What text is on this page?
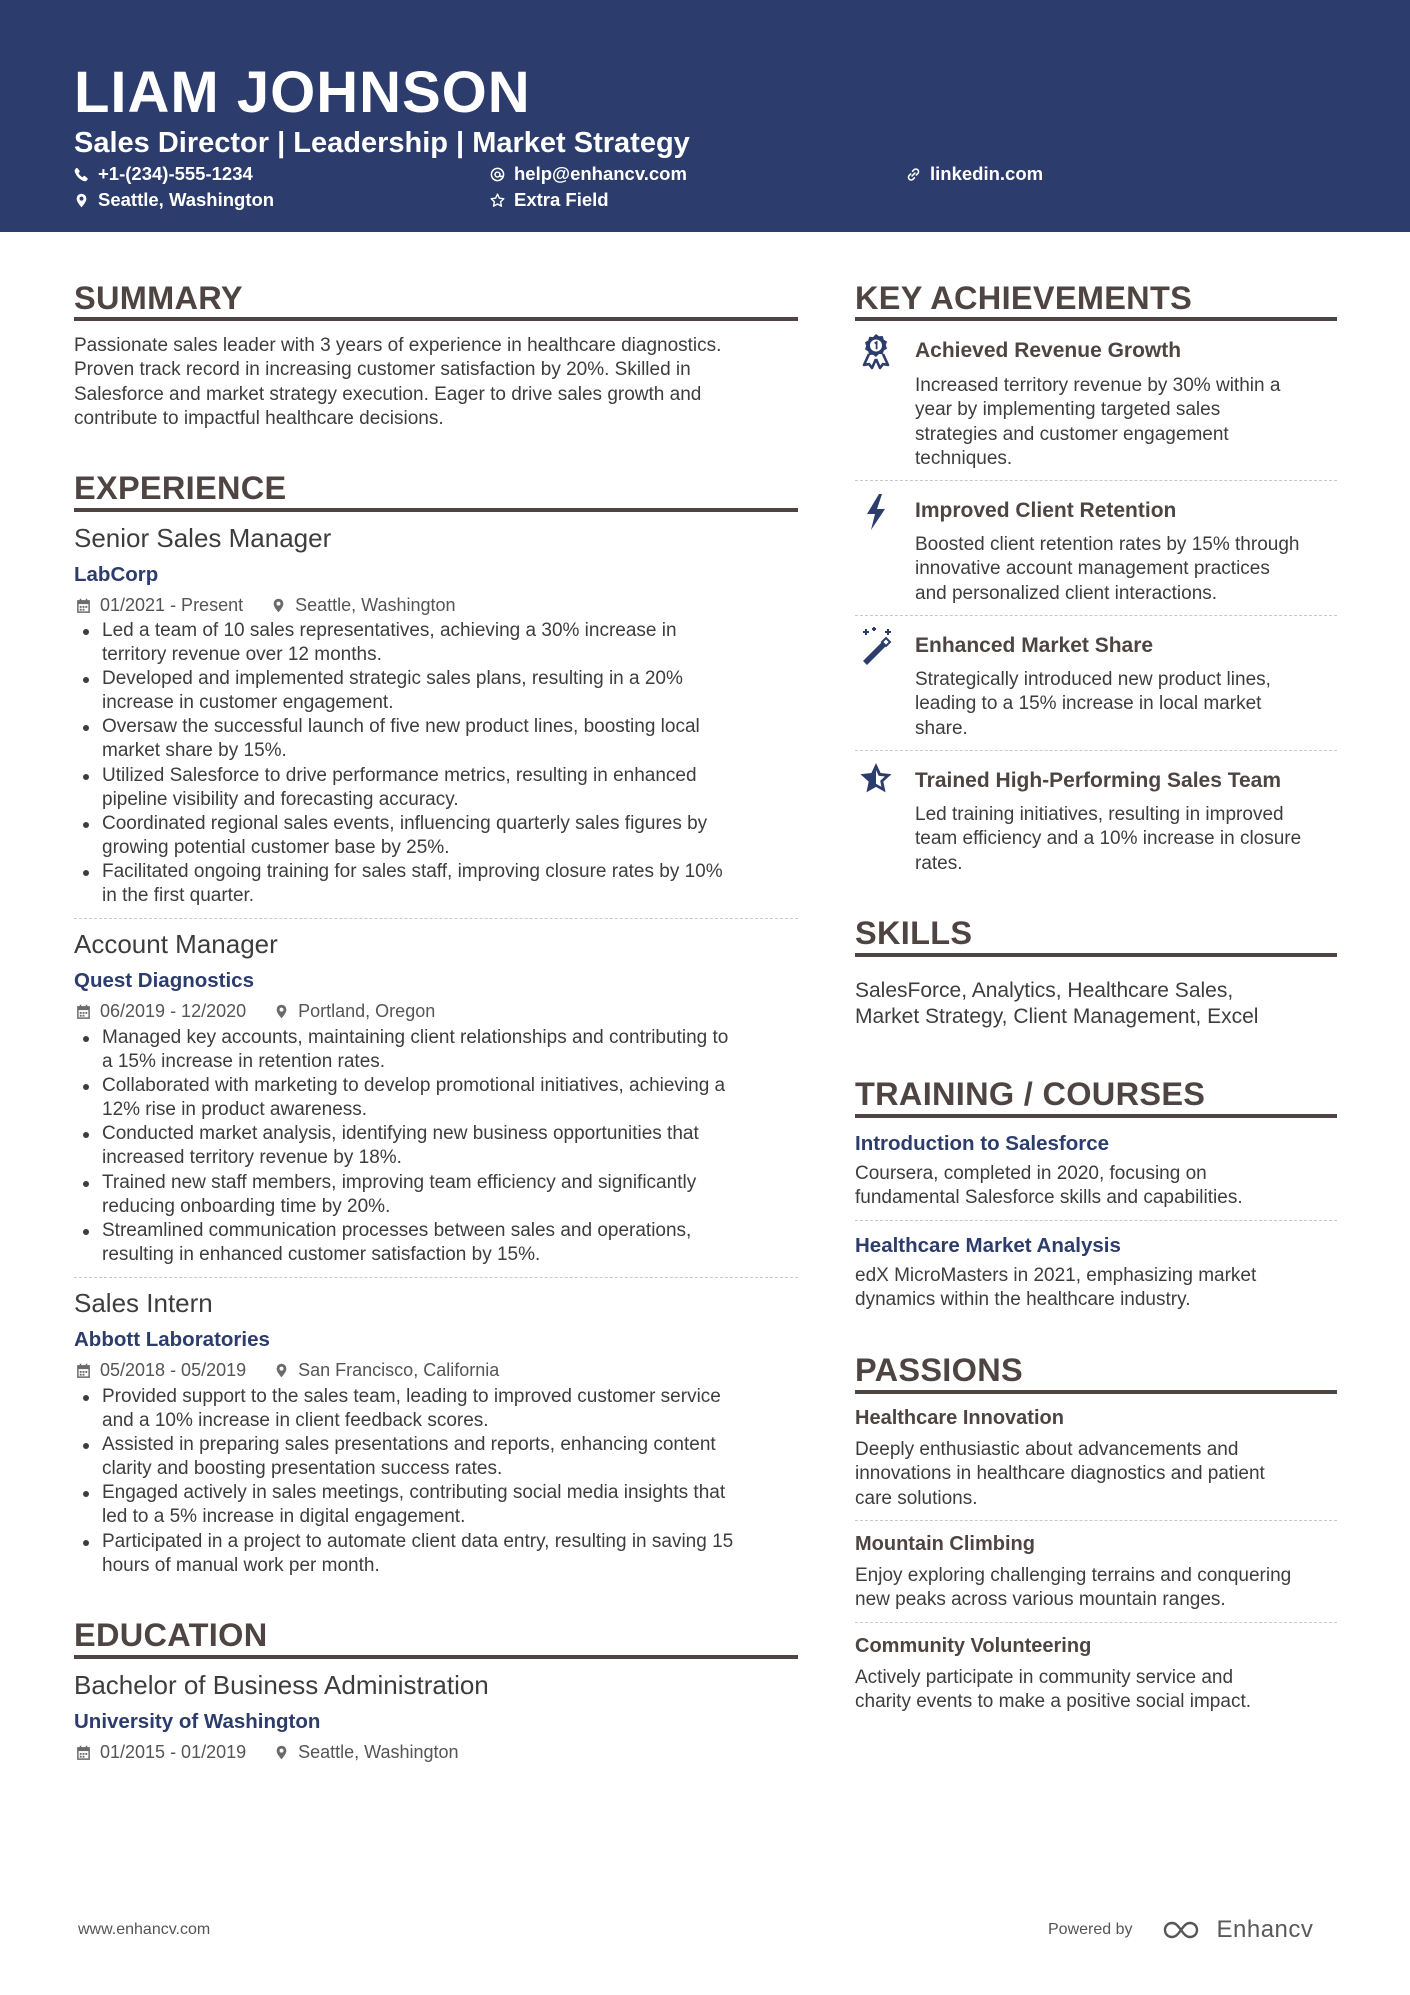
LIAM JOHNSON
Sales Director | Leadership | Market Strategy
+1-(234)-555-1234	help@enhancv.com	linkedin.com
Seattle, Washington	Extra Field
SUMMARY
Passionate sales leader with 3 years of experience in healthcare diagnostics.
Proven track record in increasing customer satisfaction by 20%. Skilled in
Salesforce and market strategy execution. Eager to drive sales growth and
contribute to impactful healthcare decisions.
EXPERIENCE
Senior Sales Manager
LabCorp
01/2021 - Present	Seattle, Washington
Led a team of 10 sales representatives, achieving a 30% increase in
territory revenue over 12 months.
Developed and implemented strategic sales plans, resulting in a 20%
increase in customer engagement.
Oversaw the successful launch of five new product lines, boosting local
market share by 15%.
Utilized Salesforce to drive performance metrics, resulting in enhanced
pipeline visibility and forecasting accuracy.
Coordinated regional sales events, influencing quarterly sales figures by
growing potential customer base by 25%.
Facilitated ongoing training for sales staff, improving closure rates by 10%
in the first quarter.
Account Manager
Quest Diagnostics
06/2019 - 12/2020	Portland, Oregon
Managed key accounts, maintaining client relationships and contributing to
a 15% increase in retention rates.
Collaborated with marketing to develop promotional initiatives, achieving a
12% rise in product awareness.
Conducted market analysis, identifying new business opportunities that
increased territory revenue by 18%.
Trained new staff members, improving team efficiency and significantly
reducing onboarding time by 20%.
Streamlined communication processes between sales and operations,
resulting in enhanced customer satisfaction by 15%.
Sales Intern
Abbott Laboratories
05/2018 - 05/2019	San Francisco, California
Provided support to the sales team, leading to improved customer service
and a 10% increase in client feedback scores.
Assisted in preparing sales presentations and reports, enhancing content
clarity and boosting presentation success rates.
Engaged actively in sales meetings, contributing social media insights that
led to a 5% increase in digital engagement.
Participated in a project to automate client data entry, resulting in saving 15
hours of manual work per month.
EDUCATION
Bachelor of Business Administration
University of Washington
01/2015 - 01/2019	Seattle, Washington
KEY ACHIEVEMENTS
Achieved Revenue Growth
Increased territory revenue by 30% within a
year by implementing targeted sales
strategies and customer engagement
techniques.
Improved Client Retention
Boosted client retention rates by 15% through
innovative account management practices
and personalized client interactions.
Enhanced Market Share
Strategically introduced new product lines,
leading to a 15% increase in local market
share.
Trained High-Performing Sales Team
Led training initiatives, resulting in improved
team efficiency and a 10% increase in closure
rates.
SKILLS
SalesForce, Analytics, Healthcare Sales,
Market Strategy, Client Management, Excel
TRAINING / COURSES
Introduction to Salesforce
Coursera, completed in 2020, focusing on
fundamental Salesforce skills and capabilities.
Healthcare Market Analysis
edX MicroMasters in 2021, emphasizing market
dynamics within the healthcare industry.
PASSIONS
Healthcare Innovation
Deeply enthusiastic about advancements and
innovations in healthcare diagnostics and patient
care solutions.
Mountain Climbing
Enjoy exploring challenging terrains and conquering
new peaks across various mountain ranges.
Community Volunteering
Actively participate in community service and
charity events to make a positive social impact.
www.enhancv.com	Powered by	Enhancv
